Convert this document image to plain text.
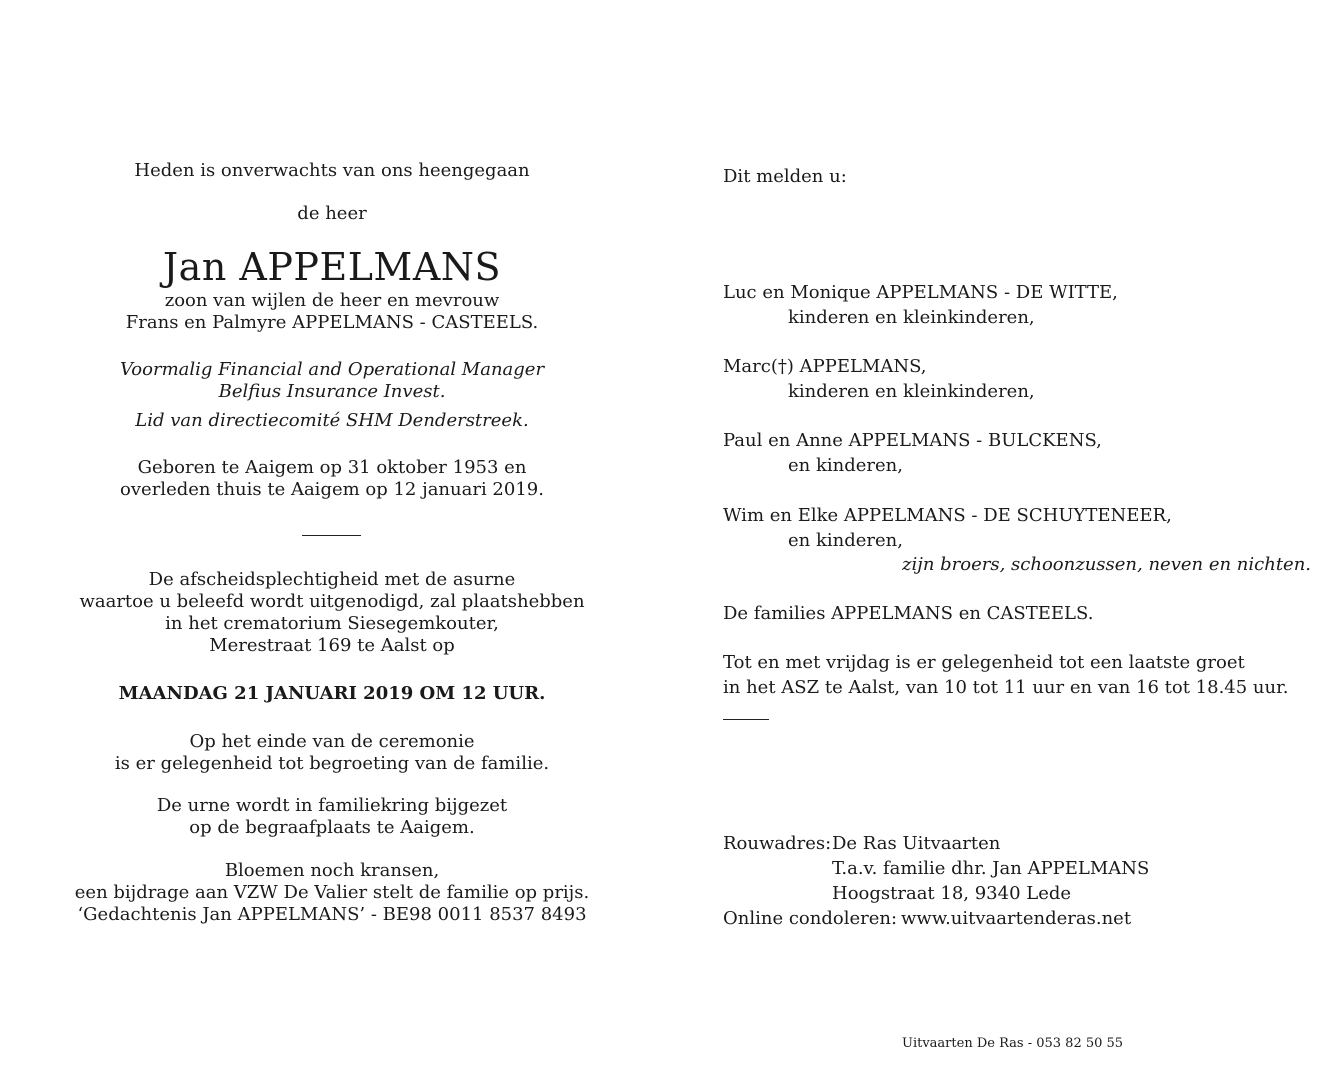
Heden is onverwachts van ons heengegaan

de heer

Jan APPELMANS

zoon van wijlen de heer en mevrouw

Frans en Palmyre APPELMANS - CASTEELS.

Voormalig Financial and Operational Manager

Belfius Insurance Invest.

Lid van directiecomité SHM Denderstreek.

Geboren te Aaigem op 31 oktober 1953 en

overleden thuis te Aaigem op 12 januari 2019.

De afscheidsplechtigheid met de asurne

waartoe u beleefd wordt uitgenodigd, zal plaatshebben

in het crematorium Siesegemkouter,

Merestraat 169 te Aalst op

MAANDAG 21 JANUARI 2019 OM 12 UUR.

Op het einde van de ceremonie

is er gelegenheid tot begroeting van de familie.

De urne wordt in familiekring bijgezet

op de begraafplaats te Aaigem.

Bloemen noch kransen,

een bijdrage aan VZW De Valier stelt de familie op prijs.

‘Gedachtenis Jan APPELMANS’ - BE98 0011 8537 8493

Dit melden u:

Luc en Monique APPELMANS - DE WITTE,

kinderen en kleinkinderen,

Marc(†) APPELMANS,

kinderen en kleinkinderen,

Paul en Anne APPELMANS - BULCKENS,

en kinderen,

Wim en Elke APPELMANS - DE SCHUYTENEER,

en kinderen,

zijn broers, schoonzussen, neven en nichten.

De families APPELMANS en CASTEELS.

Tot en met vrijdag is er gelegenheid tot een laatste groet

in het ASZ te Aalst, van 10 tot 11 uur en van 16 tot 18.45 uur.

Rouwadres: De Ras Uitvaarten

T.a.v. familie dhr. Jan APPELMANS

Hoogstraat 18, 9340 Lede

Online condoleren: www.uitvaartenderas.net

Uitvaarten De Ras - 053 82 50 55
